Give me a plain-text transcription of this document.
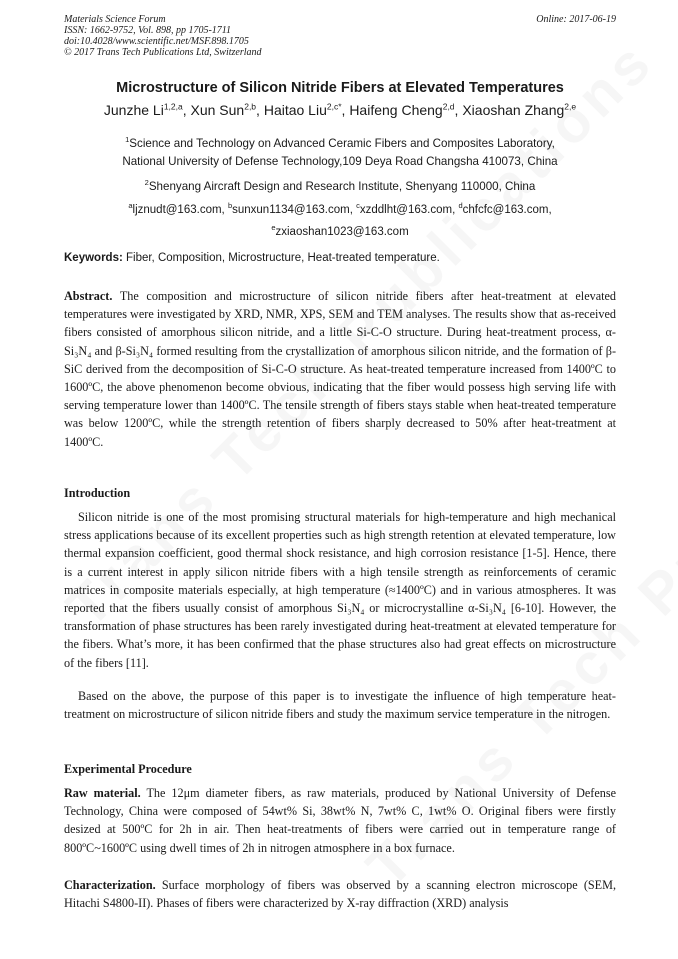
Materials Science Forum
ISSN: 1662-9752, Vol. 898, pp 1705-1711
doi:10.4028/www.scientific.net/MSF.898.1705
© 2017 Trans Tech Publications Ltd, Switzerland
Online: 2017-06-19
Microstructure of Silicon Nitride Fibers at Elevated Temperatures
Junzhe Li$^{1,2,a}$, Xun Sun$^{2,b}$, Haitao Liu$^{2,c*}$, Haifeng Cheng$^{2,d}$, Xiaoshan Zhang$^{2,e}$
$^1$Science and Technology on Advanced Ceramic Fibers and Composites Laboratory, National University of Defense Technology,109 Deya Road Changsha 410073, China
$^2$Shenyang Aircraft Design and Research Institute, Shenyang 110000, China
$^a$ljznudt@163.com, $^b$sunxun1134@163.com, $^c$xzddlht@163.com, $^d$chfcfc@163.com,
$^e$zxiaoshan1023@163.com
Keywords: Fiber, Composition, Microstructure, Heat-treated temperature.
Abstract. The composition and microstructure of silicon nitride fibers after heat-treatment at elevated temperatures were investigated by XRD, NMR, XPS, SEM and TEM analyses. The results show that as-received fibers consisted of amorphous silicon nitride, and a little Si-C-O structure. During heat-treatment process, α-Si₃N₄ and β-Si₃N₄ formed resulting from the crystallization of amorphous silicon nitride, and the formation of β-SiC derived from the decomposition of Si-C-O structure. As heat-treated temperature increased from 1400ºC to 1600ºC, the above phenomenon become obvious, indicating that the fiber would possess high serving life with serving temperature lower than 1400ºC. The tensile strength of fibers stays stable when heat-treated temperature was below 1200ºC, while the strength retention of fibers sharply decreased to 50% after heat-treatment at 1400ºC.
Introduction
Silicon nitride is one of the most promising structural materials for high-temperature and high mechanical stress applications because of its excellent properties such as high strength retention at elevated temperature, low thermal expansion coefficient, good thermal shock resistance, and high corrosion resistance [1-5]. Hence, there is a current interest in apply silicon nitride fibers with a high tensile strength as reinforcements of ceramic matrices in composite materials especially, at high temperature (≈1400ºC) and in various atmospheres. It was reported that the fibers usually consist of amorphous Si₃N₄ or microcrystalline α-Si₃N₄ [6-10]. However, the transformation of phase structures has been rarely investigated during heat-treatment at elevated temperature for the fibers. What’s more, it has been confirmed that the phase structures also had great effects on microstructure of the fibers [11].
Based on the above, the purpose of this paper is to investigate the influence of high temperature heat-treatment on microstructure of silicon nitride fibers and study the maximum service temperature in the nitrogen.
Experimental Procedure
Raw material. The 12μm diameter fibers, as raw materials, produced by National University of Defense Technology, China were composed of 54wt% Si, 38wt% N, 7wt% C, 1wt% O. Original fibers were firstly desized at 500ºC for 2h in air. Then heat-treatments of fibers were carried out in temperature range of 800ºC~1600ºC using dwell times of 2h in nitrogen atmosphere in a box furnace.
Characterization. Surface morphology of fibers was observed by a scanning electron microscope (SEM, Hitachi S4800-II). Phases of fibers were characterized by X-ray diffraction (XRD) analysis
